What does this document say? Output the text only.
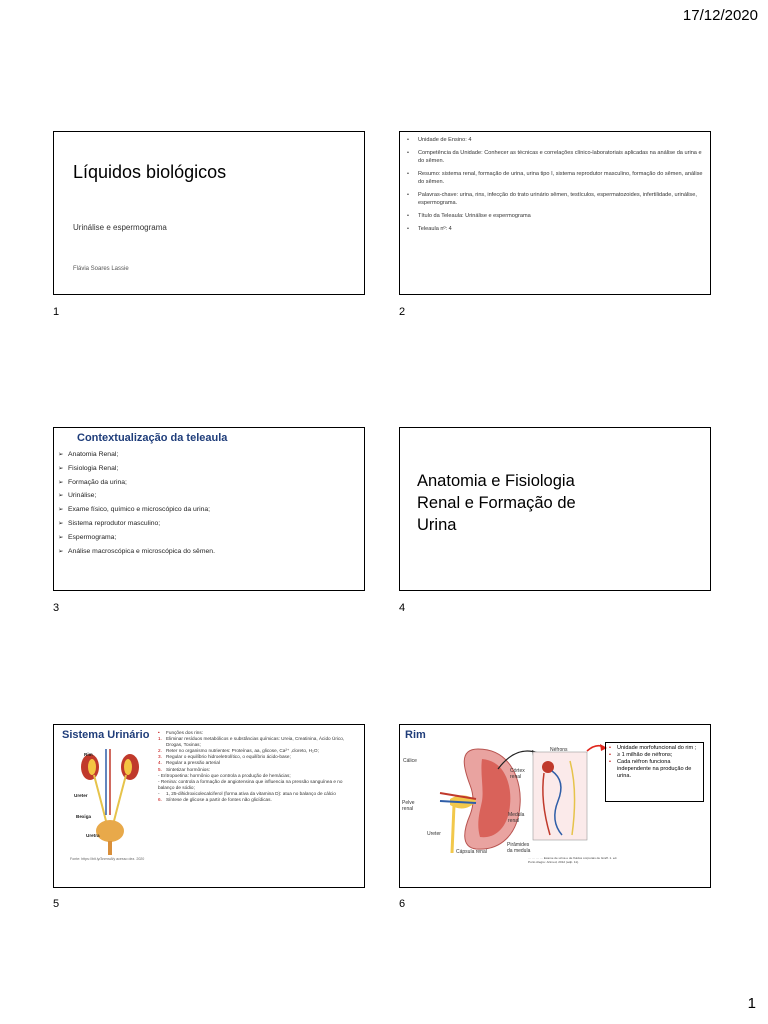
17/12/2020
Líquidos biológicos
Urinálise e espermograma
Flávia Soares Lassie
1
• Unidade de Ensino: 4
• Competência da Unidade: Conhecer as técnicas e correlações clínico-laboratoriais aplicadas na análise da urina e do sêmen.
• Resumo: sistema renal, formação de urina, urina tipo I, sistema reprodutor masculino, formação do sêmen, análise do sêmen.
• Palavras-chave: urina, rins, infecção do trato urinário sêmen, testículos, espermatozoides, infertilidade, urinálise, espermograma.
• Título da Teleaula: Urinálise e espermograma
• Teleaula nº: 4
2
Contextualização da teleaula
➢ Anatomia Renal;
➢ Fisiologia Renal;
➢ Formação da urina;
➢ Urinálise;
➢ Exame físico, químico e microscópico da urina;
➢ Sistema reprodutor masculino;
➢ Espermograma;
➢ Análise macroscópica e microscópica do sêmen.
3
Anatomia e Fisiologia Renal e Formação de Urina
4
Sistema Urinário
Rim
Ureter
Bexiga
Uretra
• Funções dos rins:
1. Eliminar resíduos metabólicos e substâncias químicas: Ureia, Creatinina, Ácido Úrico, Drogas, Toxinas;
2. Reter no organismo nutrientes: Proteínas, aa, glicose, Ca²⁺ ,cloreto, H₂O;
3. Regular o equilíbrio hidroeletrolítico, o equilíbrio ácido-base;
4. Regular a pressão arterial
5. Sintetizar hormônios:
- Eritropoetina: hormônio que controla a produção de hemácias;
- Renina: controla a formação de angiotensina que influencia na pressão sanguínea e no balanço de sódio;
- 1, 25-dihidroxicolecalciferol (forma ativa da vitamina D): atua no balanço de cálcio
6. Síntese de glicose a partir de fontes não glicídicas.
Fonte: https://bit.ly/3nmwAfy acesso dez. 2020
5
Rim
Cálice
Néfrons
Córtex renal
Pelve renal
Medula renal
Ureter
Cápsula renal
Pirâmides da medula
• Unidade morfofuncional do rim ;
• ≥ 1 milhão de néfrons;
• Cada néfron funciona independente na produção de urina.
… … … … Exame de urina e de fluidos corporais de Graff. 1. ed. Porto Alegre: Artmed, 2012 (adp. 11).
6
1
